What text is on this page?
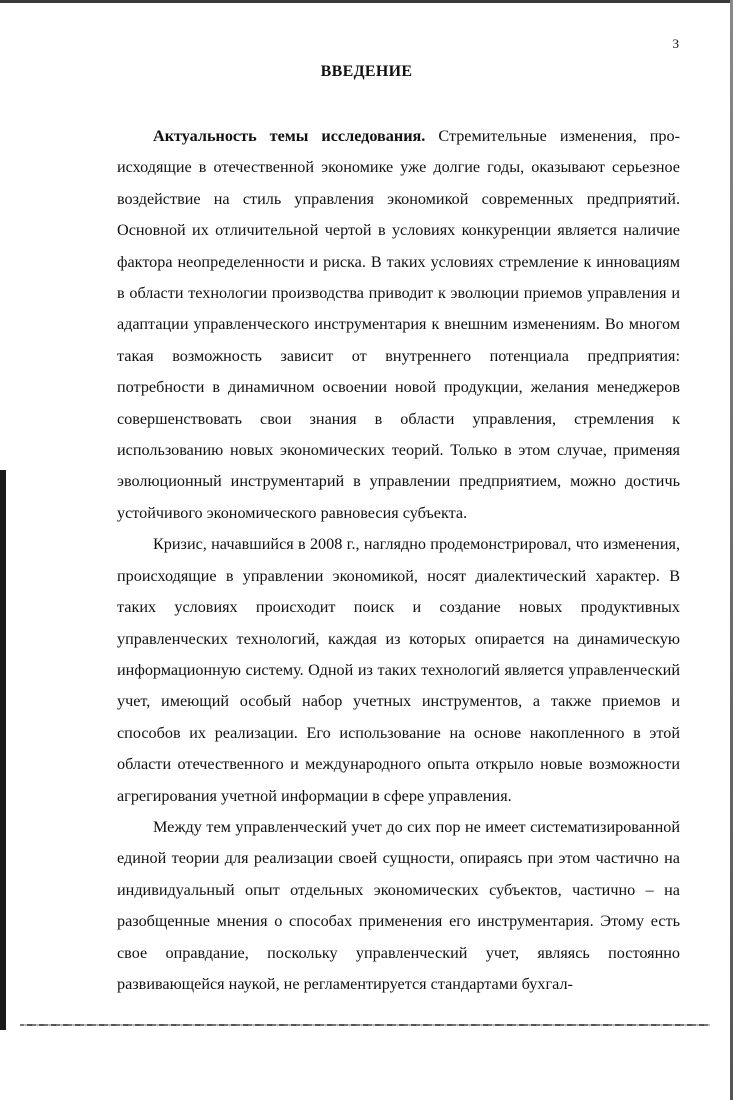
3
ВВЕДЕНИЕ

Актуальность темы исследования. Стремительные изменения, происходящие в отечественной экономике уже долгие годы, оказывают серьезное воздействие на стиль управления экономикой современных предприятий. Основной их отличительной чертой в условиях конкуренции является наличие фактора неопределенности и риска. В таких условиях стремление к инновациям в области технологии производства приводит к эволюции приемов управления и адаптации управленческого инструментария к внешним изменениям. Во многом такая возможность зависит от внутреннего потенциала предприятия: потребности в динамичном освоении новой продукции, желания менеджеров совершенствовать свои знания в области управления, стремления к использованию новых экономических теорий. Только в этом случае, применяя эволюционный инструментарий в управлении предприятием, можно достичь устойчивого экономического равновесия субъекта.

Кризис, начавшийся в 2008 г., наглядно продемонстрировал, что изменения, происходящие в управлении экономикой, носят диалектический характер. В таких условиях происходит поиск и создание новых продуктивных управленческих технологий, каждая из которых опирается на динамическую информационную систему. Одной из таких технологий является управленческий учет, имеющий особый набор учетных инструментов, а также приемов и способов их реализации. Его использование на основе накопленного в этой области отечественного и международного опыта открыло новые возможности агрегирования учетной информации в сфере управления.

Между тем управленческий учет до сих пор не имеет систематизированной единой теории для реализации своей сущности, опираясь при этом частично на индивидуальный опыт отдельных экономических субъектов, частично – на разобщенные мнения о способах применения его инструментария. Этому есть свое оправдание, поскольку управленческий учет, являясь постоянно развивающейся наукой, не регламентируется стандартами бухгал-
